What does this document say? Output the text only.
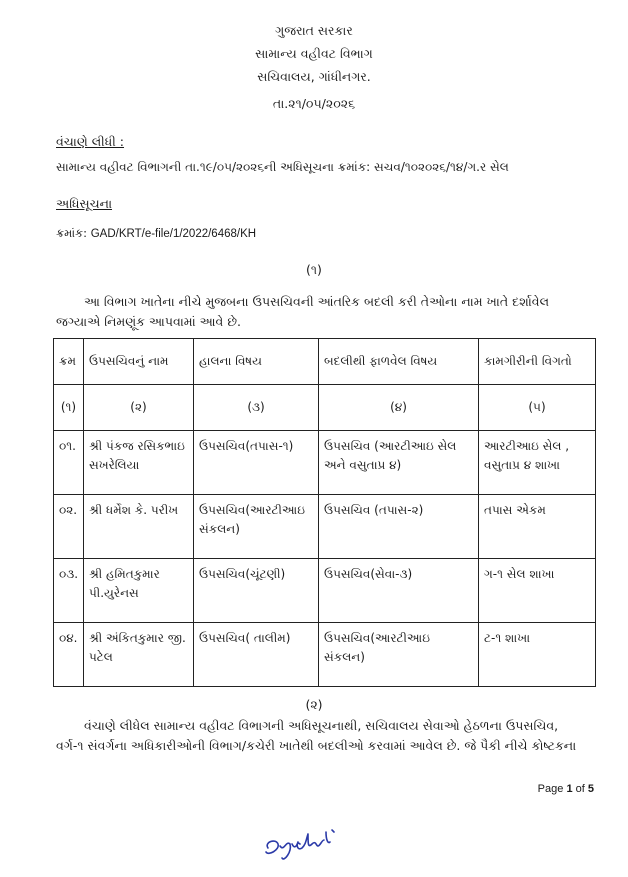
ગુજરાત સરકાર
સામાન્ય વહીવટ વિભાગ
સચિવાલય, ગાંધીનગર.
તા.૨૧/૦૫/૨૦૨૬
વંચાણે લીધી :
સામાન્ય વહીવટ વિભાગની તા.૧૯/૦૫/૨૦૨૬ની અધિસૂચના ક્રમાંક: સચવ/૧૦૨૦૨૬/૧૪/ગ.ર સેલ
અધિસૂચના
ક્રમાંક: GAD/KRT/e-file/1/2022/6468/KH
(૧)
આ વિભાગ ખાતેના નીચે મુજબના ઉપસચિવની આંતરિક બદલી કરી તેઓના નામ ખાતે દર્શાવેલ જગ્યાએ નિમણૂંક આપવામાં આવે છે.
ક્રમ	ઉપસચિવનું નામ	હાલના વિષય	બદલીથી ફાળવેલ વિષય	કામગીરીની વિગતો
(૧)	(૨)	(૩)	(૪)	(૫)
૦૧.	શ્રી પંકજ રસિકભાઇ સખરેલિયા	ઉપસચિવ(તપાસ-૧)	ઉપસચિવ (આરટીઆઇ સેલ અને વસુતાપ્ર ૪)	આરટીઆઇ સેલ , વસુતાપ્ર ૪ શાખા
૦૨.	શ્રી ધર્મેશ કે. પરીખ	ઉપસચિવ(આરટીઆઇ સંકલન)	ઉપસચિવ (તપાસ-૨)	તપાસ એકમ
૦૩.	શ્રી હમિતકુમાર પી.યુરેનસ	ઉપસચિવ(ચૂંટણી)	ઉપસચિવ(સેવા-૩)	ગ-૧ સેલ શાખા
૦૪.	શ્રી અંકિતકુમાર જી. પટેલ	ઉપસચિવ( તાલીમ)	ઉપસચિવ(આરટીઆઇ સંકલન)	ટ-૧ શાખા
(૨)
વંચાણે લીધેલ સામાન્ય વહીવટ વિભાગની અધિસૂચનાથી, સચિવાલય સેવાઓ હેઠળના ઉપસચિવ, વર્ગ-૧ સંવર્ગના અધિકારીઓની વિભાગ/કચેરી ખાતેથી બદલીઓ કરવામાં આવેલ છે. જે પૈકી નીચે કોષ્ટકના
Page 1 of 5
